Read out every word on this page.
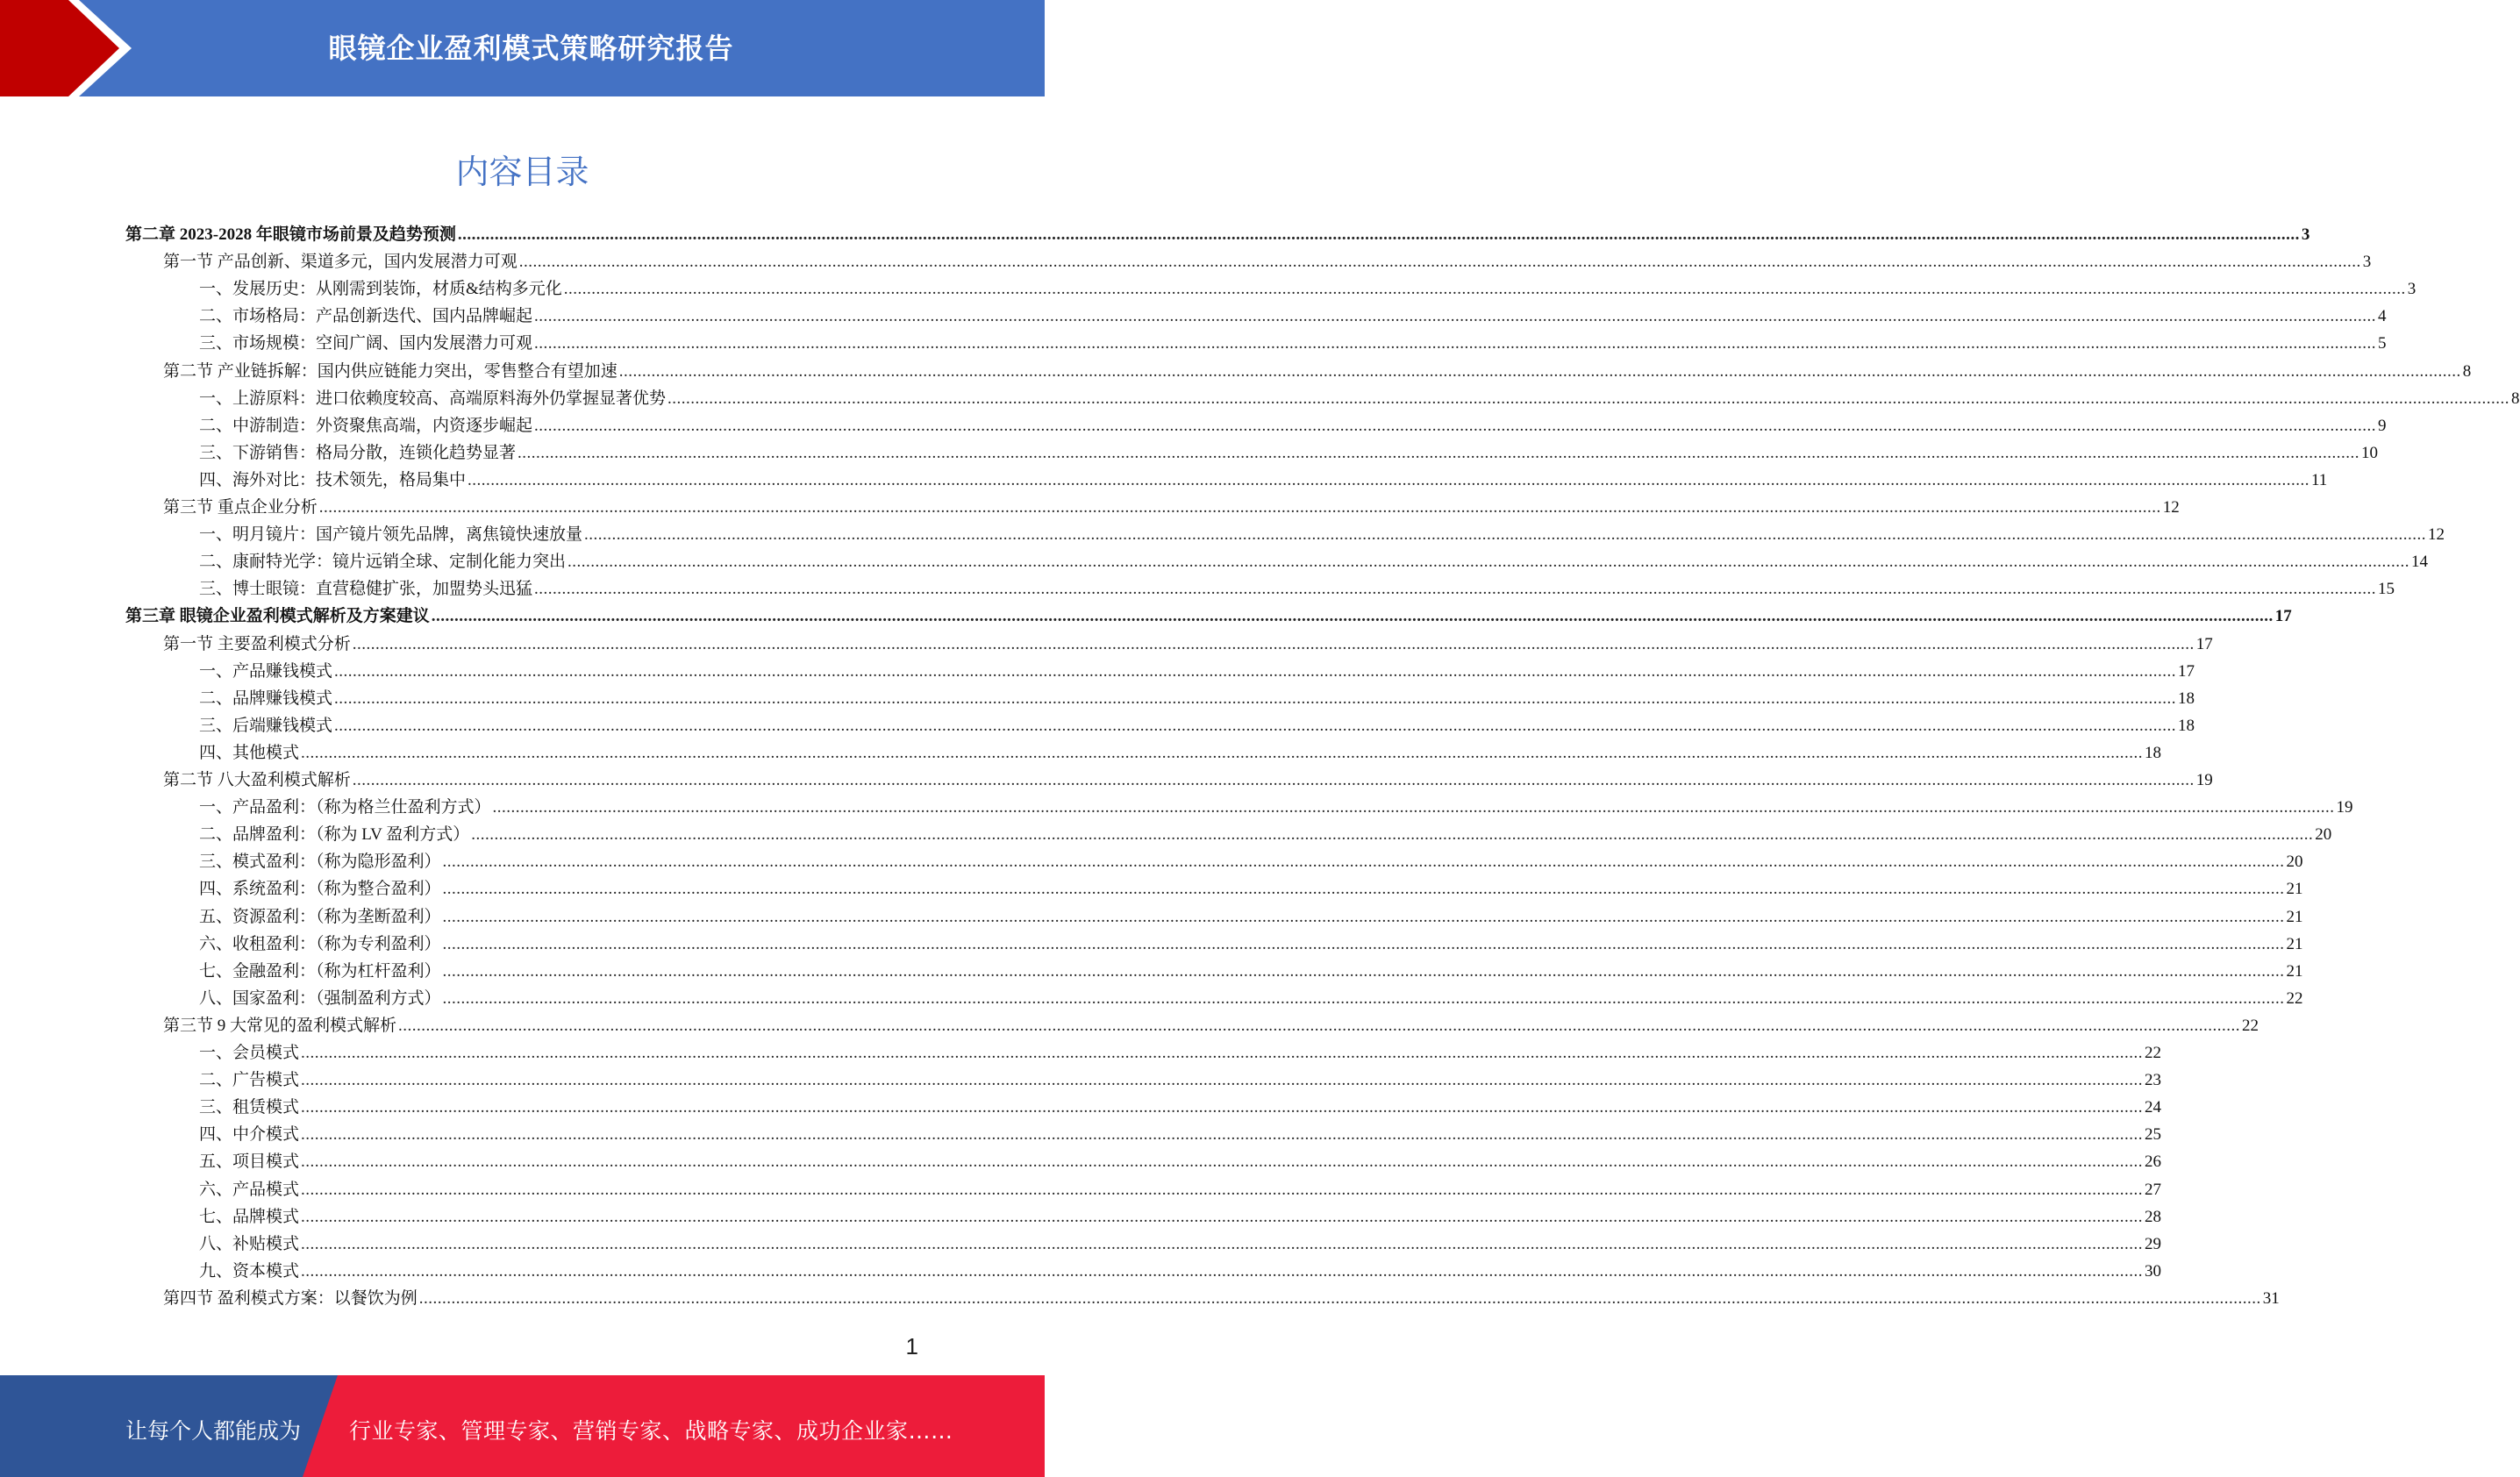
眼镜企业盈利模式策略研究报告
内容目录
第二章 2023-2028 年眼镜市场前景及趋势预测 ................................................................................................................................................................................................................................................................................................................................................................................................................ 3
第一节 产品创新、渠道多元，国内发展潜力可观 ................................................................................................................................................................................................................................................................................................................................................................................................................ 3
一、发展历史：从刚需到装饰，材质&结构多元化 ................................................................................................................................................................................................................................................................................................................................................................................................................ 3
二、市场格局：产品创新迭代、国内品牌崛起 ................................................................................................................................................................................................................................................................................................................................................................................................................ 4
三、市场规模：空间广阔、国内发展潜力可观 ................................................................................................................................................................................................................................................................................................................................................................................................................ 5
第二节 产业链拆解：国内供应链能力突出，零售整合有望加速 ................................................................................................................................................................................................................................................................................................................................................................................................................ 8
一、上游原料：进口依赖度较高、高端原料海外仍掌握显著优势 ................................................................................................................................................................................................................................................................................................................................................................................................................ 8
二、中游制造：外资聚焦高端，内资逐步崛起 ................................................................................................................................................................................................................................................................................................................................................................................................................ 9
三、下游销售：格局分散，连锁化趋势显著 ................................................................................................................................................................................................................................................................................................................................................................................................................ 10
四、海外对比：技术领先，格局集中 ................................................................................................................................................................................................................................................................................................................................................................................................................ 11
第三节 重点企业分析 ................................................................................................................................................................................................................................................................................................................................................................................................................ 12
一、明月镜片：国产镜片领先品牌，离焦镜快速放量 ................................................................................................................................................................................................................................................................................................................................................................................................................ 12
二、康耐特光学：镜片远销全球、定制化能力突出 ................................................................................................................................................................................................................................................................................................................................................................................................................ 14
三、博士眼镜：直营稳健扩张，加盟势头迅猛 ................................................................................................................................................................................................................................................................................................................................................................................................................ 15
第三章 眼镜企业盈利模式解析及方案建议 ................................................................................................................................................................................................................................................................................................................................................................................................................ 17
第一节 主要盈利模式分析 ................................................................................................................................................................................................................................................................................................................................................................................................................ 17
一、产品赚钱模式 ................................................................................................................................................................................................................................................................................................................................................................................................................ 17
二、品牌赚钱模式 ................................................................................................................................................................................................................................................................................................................................................................................................................ 18
三、后端赚钱模式 ................................................................................................................................................................................................................................................................................................................................................................................................................ 18
四、其他模式 ................................................................................................................................................................................................................................................................................................................................................................................................................ 18
第二节 八大盈利模式解析 ................................................................................................................................................................................................................................................................................................................................................................................................................ 19
一、产品盈利：（称为格兰仕盈利方式） ................................................................................................................................................................................................................................................................................................................................................................................................................ 19
二、品牌盈利：（称为 LV 盈利方式） ................................................................................................................................................................................................................................................................................................................................................................................................................ 20
三、模式盈利：（称为隐形盈利） ................................................................................................................................................................................................................................................................................................................................................................................................................ 20
四、系统盈利：（称为整合盈利） ................................................................................................................................................................................................................................................................................................................................................................................................................ 21
五、资源盈利：（称为垄断盈利） ................................................................................................................................................................................................................................................................................................................................................................................................................ 21
六、收租盈利：（称为专利盈利） ................................................................................................................................................................................................................................................................................................................................................................................................................ 21
七、金融盈利：（称为杠杆盈利） ................................................................................................................................................................................................................................................................................................................................................................................................................ 21
八、国家盈利：（强制盈利方式） ................................................................................................................................................................................................................................................................................................................................................................................................................ 22
第三节 9 大常见的盈利模式解析 ................................................................................................................................................................................................................................................................................................................................................................................................................ 22
一、会员模式 ................................................................................................................................................................................................................................................................................................................................................................................................................ 22
二、广告模式 ................................................................................................................................................................................................................................................................................................................................................................................................................ 23
三、租赁模式 ................................................................................................................................................................................................................................................................................................................................................................................................................ 24
四、中介模式 ................................................................................................................................................................................................................................................................................................................................................................................................................ 25
五、项目模式 ................................................................................................................................................................................................................................................................................................................................................................................................................ 26
六、产品模式 ................................................................................................................................................................................................................................................................................................................................................................................................................ 27
七、品牌模式 ................................................................................................................................................................................................................................................................................................................................................................................................................ 28
八、补贴模式 ................................................................................................................................................................................................................................................................................................................................................................................................................ 29
九、资本模式 ................................................................................................................................................................................................................................................................................................................................................................................................................ 30
第四节 盈利模式方案：以餐饮为例 ................................................................................................................................................................................................................................................................................................................................................................................................................ 31
1
让每个人都能成为 行业专家、管理专家、营销专家、战略专家、成功企业家……
